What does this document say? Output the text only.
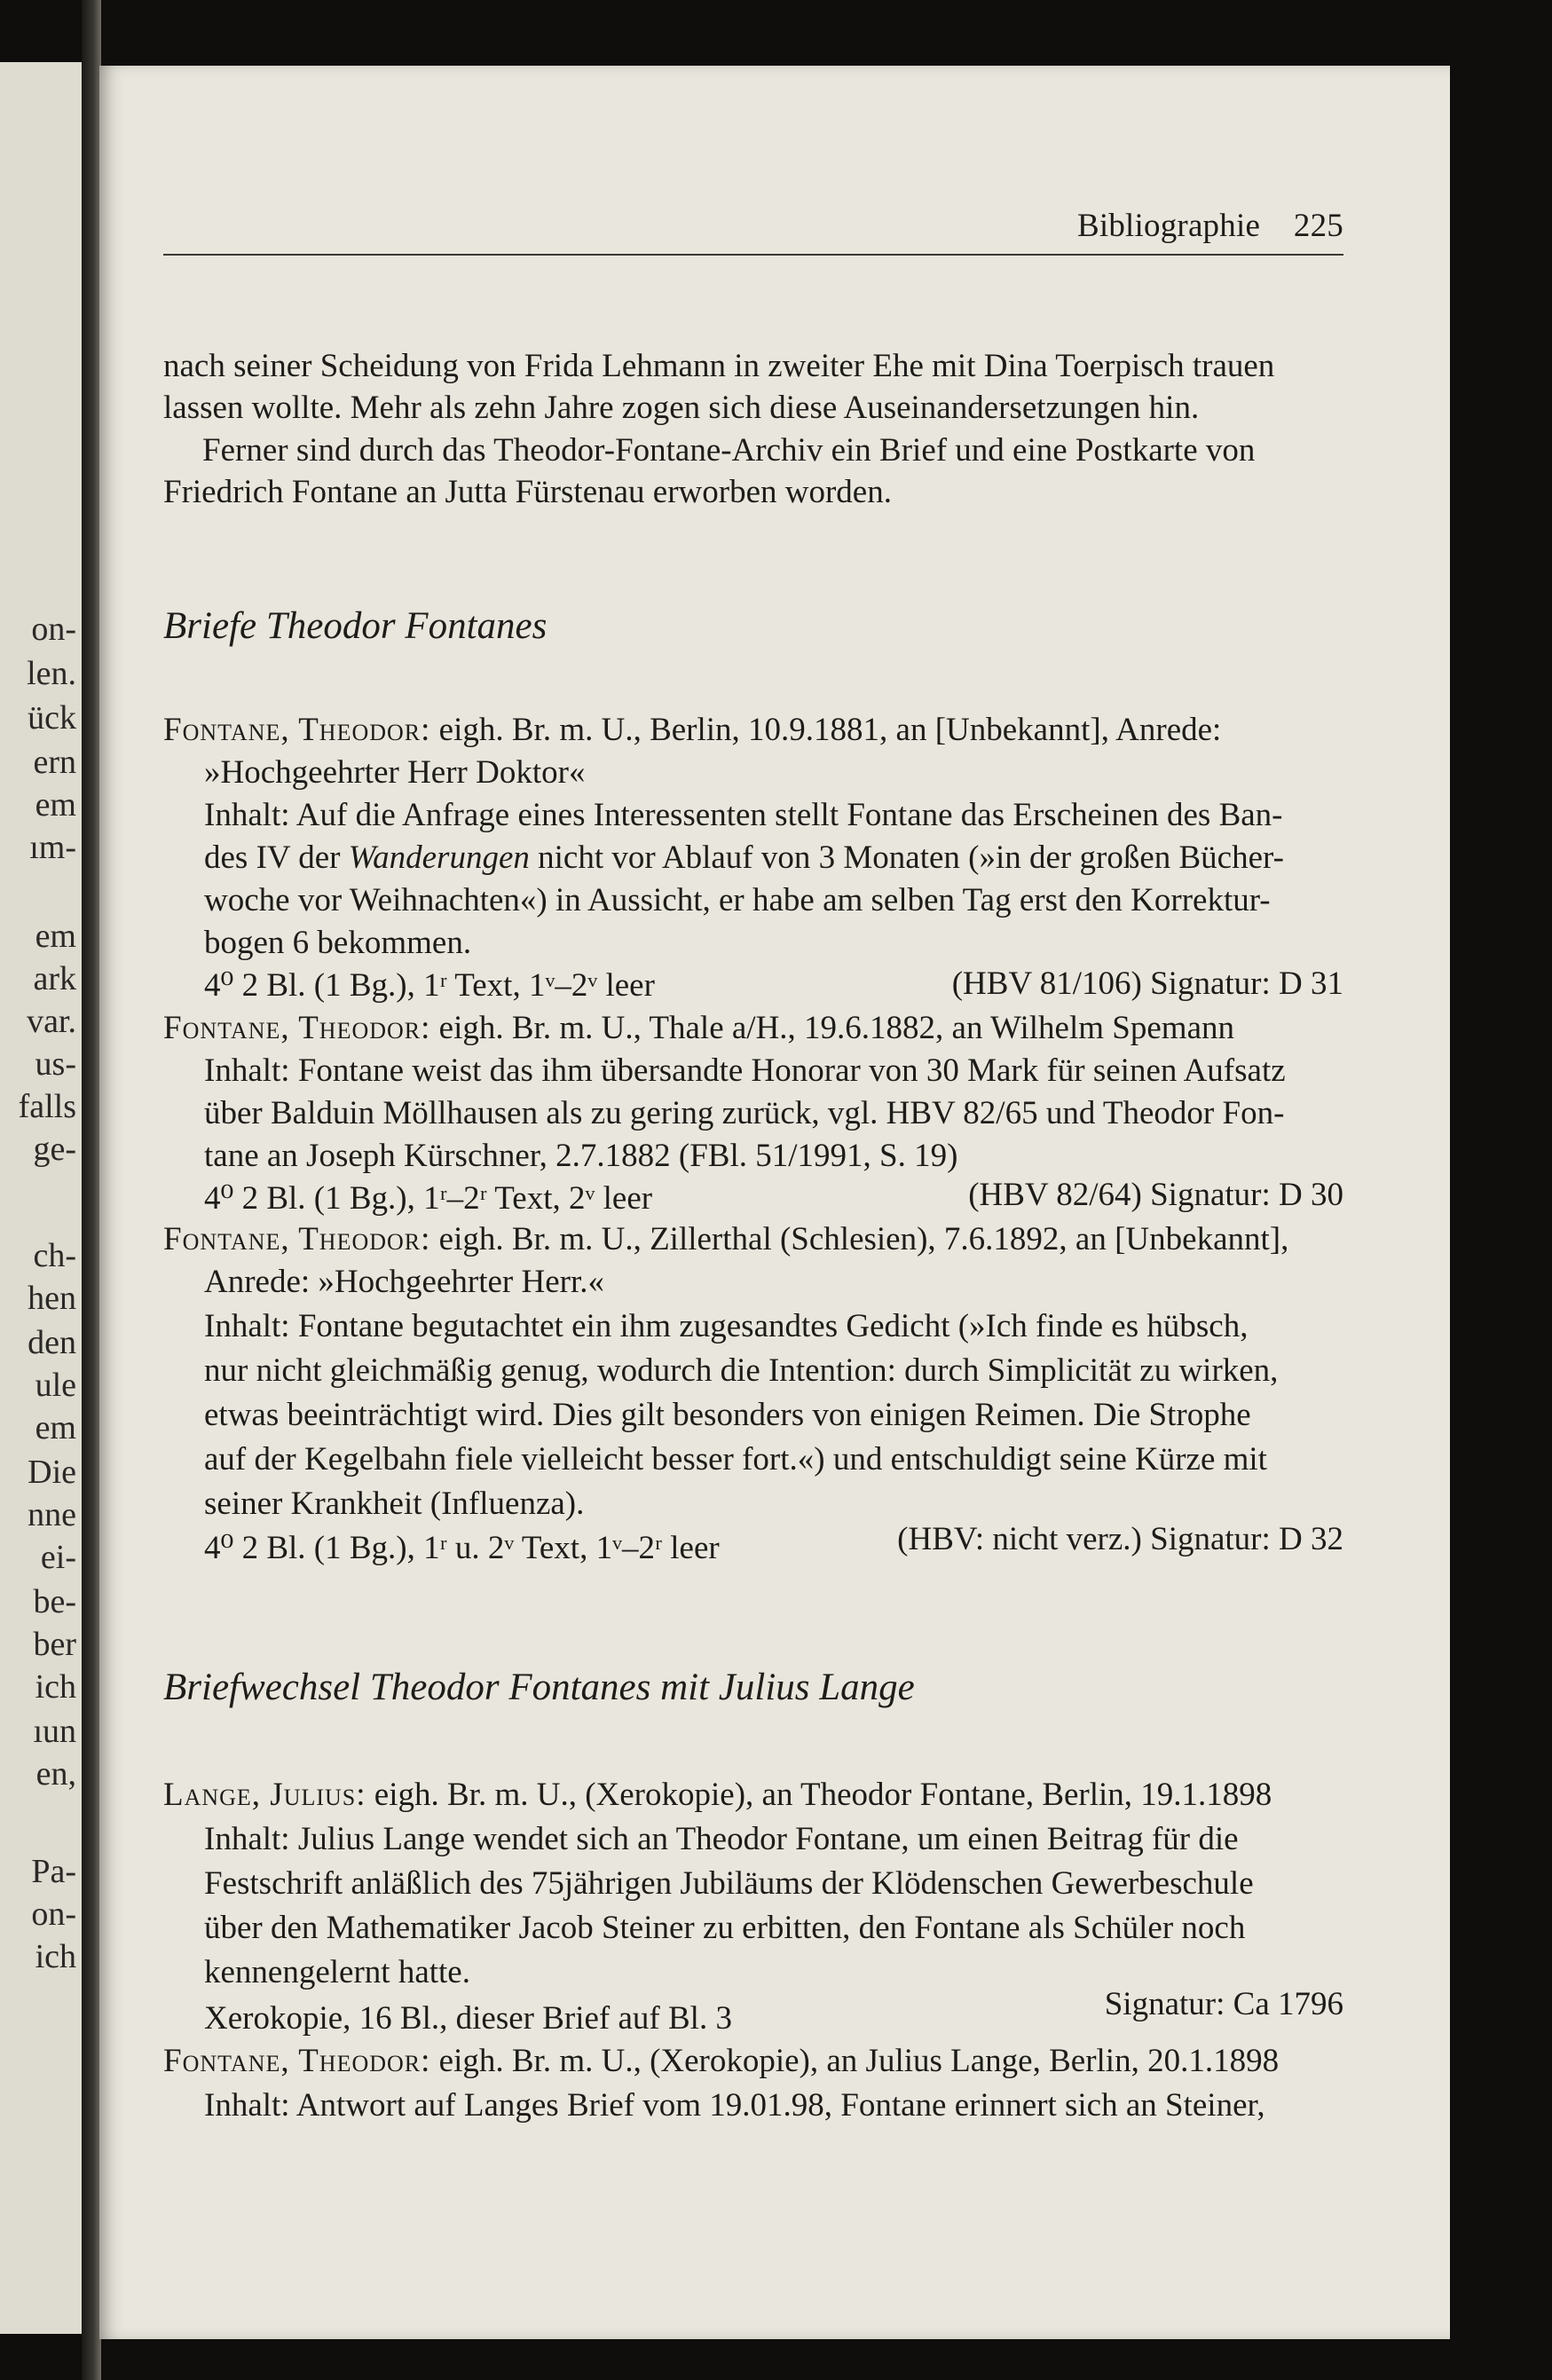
on-
len.
ück
ern
em
ım-
em
ark
var.
us-
falls
ge-
ch-
hen
den
ule
em
Die
nne
ei-
be-
ber
ich
ıun
en,
Pa-
on-
ich
Bibliographie 225
nach seiner Scheidung von Frida Lehmann in zweiter Ehe mit Dina Toerpisch trauen
lassen wollte. Mehr als zehn Jahre zogen sich diese Auseinandersetzungen hin.
Ferner sind durch das Theodor-Fontane-Archiv ein Brief und eine Postkarte von
Friedrich Fontane an Jutta Fürstenau erworben worden.
Briefe Theodor Fontanes
Fontane, Theodor: eigh. Br. m. U., Berlin, 10.9.1881, an [Unbekannt], Anrede:
»Hochgeehrter Herr Doktor«
Inhalt: Auf die Anfrage eines Interessenten stellt Fontane das Erscheinen des Ban-
des IV der Wanderungen nicht vor Ablauf von 3 Monaten (»in der großen Bücher-
woche vor Weihnachten«) in Aussicht, er habe am selben Tag erst den Korrektur-
bogen 6 bekommen.
4⁰ 2 Bl. (1 Bg.), 1ʳ Text, 1ᵛ–2ᵛ leer	(HBV 81/106) Signatur: D 31
Fontane, Theodor: eigh. Br. m. U., Thale a/H., 19.6.1882, an Wilhelm Spemann
Inhalt: Fontane weist das ihm übersandte Honorar von 30 Mark für seinen Aufsatz
über Balduin Möllhausen als zu gering zurück, vgl. HBV 82/65 und Theodor Fon-
tane an Joseph Kürschner, 2.7.1882 (FBl. 51/1991, S. 19)
4⁰ 2 Bl. (1 Bg.), 1ʳ–2ʳ Text, 2ᵛ leer	(HBV 82/64) Signatur: D 30
Fontane, Theodor: eigh. Br. m. U., Zillerthal (Schlesien), 7.6.1892, an [Unbekannt],
Anrede: »Hochgeehrter Herr.«
Inhalt: Fontane begutachtet ein ihm zugesandtes Gedicht (»Ich finde es hübsch,
nur nicht gleichmäßig genug, wodurch die Intention: durch Simplicität zu wirken,
etwas beeinträchtigt wird. Dies gilt besonders von einigen Reimen. Die Strophe
auf der Kegelbahn fiele vielleicht besser fort.«) und entschuldigt seine Kürze mit
seiner Krankheit (Influenza).
4⁰ 2 Bl. (1 Bg.), 1ʳ u. 2ᵛ Text, 1ᵛ–2ʳ leer	(HBV: nicht verz.) Signatur: D 32
Briefwechsel Theodor Fontanes mit Julius Lange
Lange, Julius: eigh. Br. m. U., (Xerokopie), an Theodor Fontane, Berlin, 19.1.1898
Inhalt: Julius Lange wendet sich an Theodor Fontane, um einen Beitrag für die
Festschrift anläßlich des 75jährigen Jubiläums der Klödenschen Gewerbeschule
über den Mathematiker Jacob Steiner zu erbitten, den Fontane als Schüler noch
kennengelernt hatte.
Xerokopie, 16 Bl., dieser Brief auf Bl. 3	Signatur: Ca 1796
Fontane, Theodor: eigh. Br. m. U., (Xerokopie), an Julius Lange, Berlin, 20.1.1898
Inhalt: Antwort auf Langes Brief vom 19.01.98, Fontane erinnert sich an Steiner,
